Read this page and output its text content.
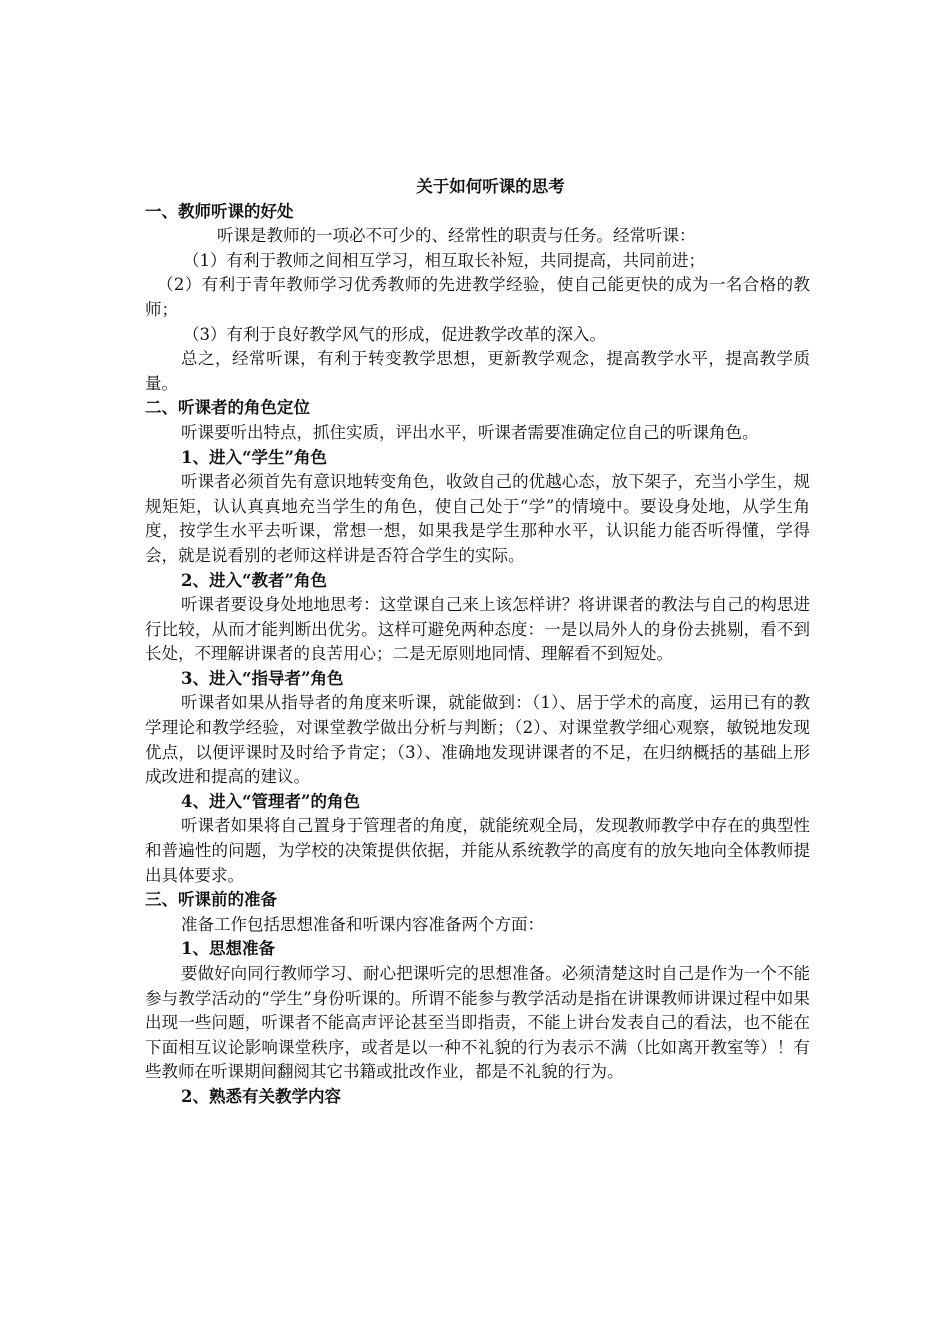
关于如何听课的思考

一、教师听课的好处

听课是教师的一项必不可少的、经常性的职责与任务。经常听课：

（1）有利于教师之间相互学习，相互取长补短，共同提高，共同前进；

（2）有利于青年教师学习优秀教师的先进教学经验，使自己能更快的成为一名合格的教师；

（3）有利于良好教学风气的形成，促进教学改革的深入。

总之，经常听课，有利于转变教学思想，更新教学观念，提高教学水平，提高教学质量。

二、听课者的角色定位

听课要听出特点，抓住实质，评出水平，听课者需要准确定位自己的听课角色。

1、进入“学生”角色

听课者必须首先有意识地转变角色，收敛自己的优越心态，放下架子，充当小学生，规规矩矩，认认真真地充当学生的角色，使自己处于“学”的情境中。要设身处地，从学生角度，按学生水平去听课，常想一想，如果我是学生那种水平，认识能力能否听得懂，学得会，就是说看别的老师这样讲是否符合学生的实际。

2、进入“教者”角色

听课者要设身处地地思考：这堂课自己来上该怎样讲？将讲课者的教法与自己的构思进行比较，从而才能判断出优劣。这样可避免两种态度：一是以局外人的身份去挑剔，看不到长处，不理解讲课者的良苦用心；二是无原则地同情、理解看不到短处。

3、进入“指导者”角色

听课者如果从指导者的角度来听课，就能做到：（1）、居于学术的高度，运用已有的教学理论和教学经验，对课堂教学做出分析与判断；（2）、对课堂教学细心观察，敏锐地发现优点，以便评课时及时给予肯定；（3）、准确地发现讲课者的不足，在归纳概括的基础上形成改进和提高的建议。

4、进入“管理者”的角色

听课者如果将自己置身于管理者的角度，就能统观全局，发现教师教学中存在的典型性和普遍性的问题，为学校的决策提供依据，并能从系统教学的高度有的放矢地向全体教师提出具体要求。

三、听课前的准备

准备工作包括思想准备和听课内容准备两个方面：

1、思想准备

要做好向同行教师学习、耐心把课听完的思想准备。必须清楚这时自己是作为一个不能参与教学活动的“学生”身份听课的。所谓不能参与教学活动是指在讲课教师讲课过程中如果出现一些问题，听课者不能高声评论甚至当即指责，不能上讲台发表自己的看法，也不能在下面相互议论影响课堂秩序，或者是以一种不礼貌的行为表示不满（比如离开教室等）！有些教师在听课期间翻阅其它书籍或批改作业，都是不礼貌的行为。

2、熟悉有关教学内容
